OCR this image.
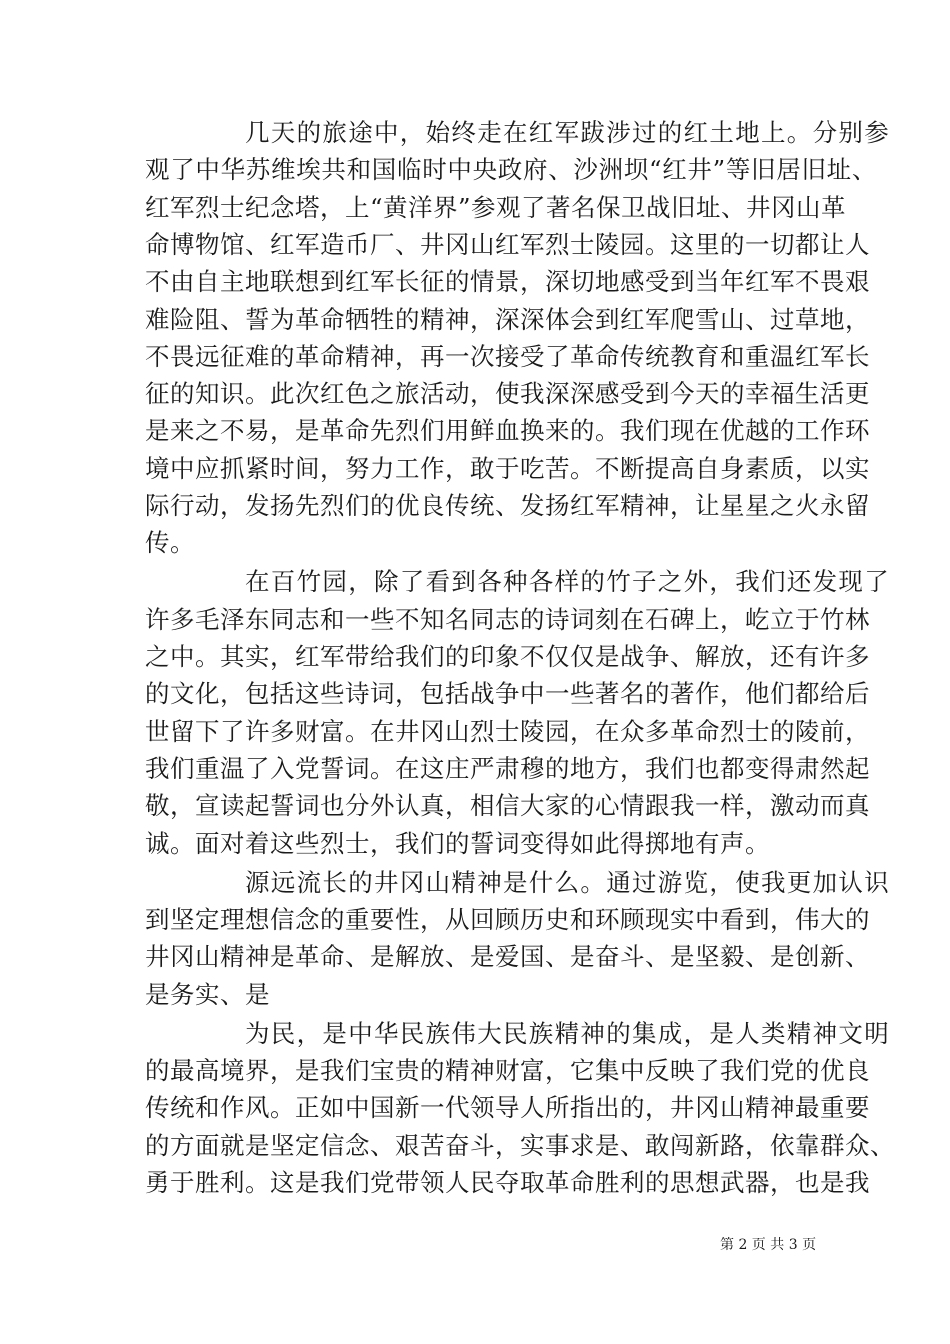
几天的旅途中，始终走在红军跋涉过的红土地上。分别参
观了中华苏维埃共和国临时中央政府、沙洲坝“红井”等旧居旧址、
红军烈士纪念塔，上“黄洋界”参观了著名保卫战旧址、井冈山革
命博物馆、红军造币厂、井冈山红军烈士陵园。这里的一切都让人
不由自主地联想到红军长征的情景，深切地感受到当年红军不畏艰
难险阻、誓为革命牺牲的精神，深深体会到红军爬雪山、过草地，
不畏远征难的革命精神，再一次接受了革命传统教育和重温红军长
征的知识。此次红色之旅活动，使我深深感受到今天的幸福生活更
是来之不易，是革命先烈们用鲜血换来的。我们现在优越的工作环
境中应抓紧时间，努力工作，敢于吃苦。不断提高自身素质，以实
际行动，发扬先烈们的优良传统、发扬红军精神，让星星之火永留
传。
在百竹园，除了看到各种各样的竹子之外，我们还发现了
许多毛泽东同志和一些不知名同志的诗词刻在石碑上，屹立于竹林
之中。其实，红军带给我们的印象不仅仅是战争、解放，还有许多
的文化，包括这些诗词，包括战争中一些著名的著作，他们都给后
世留下了许多财富。在井冈山烈士陵园，在众多革命烈士的陵前，
我们重温了入党誓词。在这庄严肃穆的地方，我们也都变得肃然起
敬，宣读起誓词也分外认真，相信大家的心情跟我一样，激动而真
诚。面对着这些烈士，我们的誓词变得如此得掷地有声。
源远流长的井冈山精神是什么。通过游览，使我更加认识
到坚定理想信念的重要性，从回顾历史和环顾现实中看到，伟大的
井冈山精神是革命、是解放、是爱国、是奋斗、是坚毅、是创新、
是务实、是
为民，是中华民族伟大民族精神的集成，是人类精神文明
的最高境界，是我们宝贵的精神财富，它集中反映了我们党的优良
传统和作风。正如中国新一代领导人所指出的，井冈山精神最重要
的方面就是坚定信念、艰苦奋斗，实事求是、敢闯新路，依靠群众、
勇于胜利。这是我们党带领人民夺取革命胜利的思想武器，也是我
第 2 页 共 3 页
